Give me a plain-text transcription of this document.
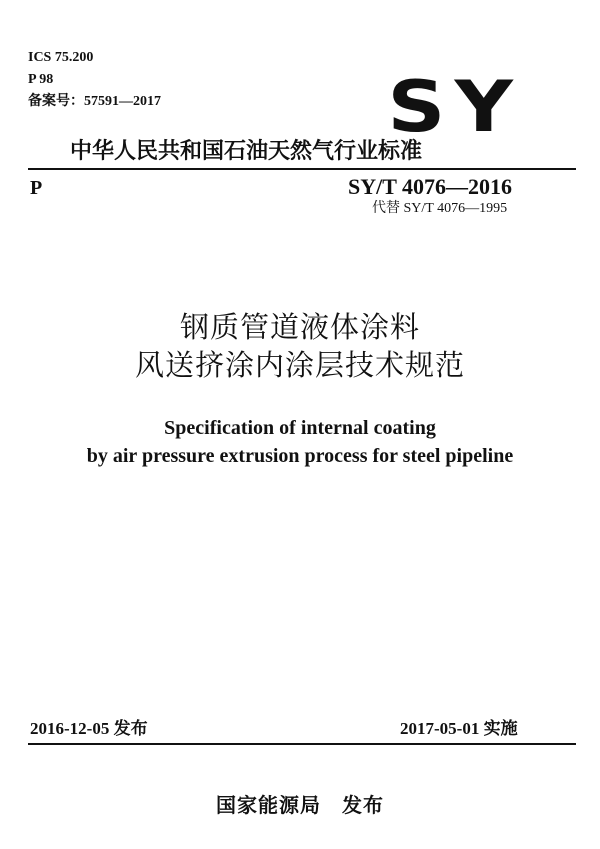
ICS 75.200
P 98
备案号：57591—2017	SY
中华人民共和国石油天然气行业标准
P	SY/T 4076—2016
代替 SY/T 4076—1995
钢质管道液体涂料
风送挤涂内涂层技术规范
Specification of internal coating
by air pressure extrusion process for steel pipeline
2016-12-05 发布	2017-05-01 实施
国家能源局　发布
